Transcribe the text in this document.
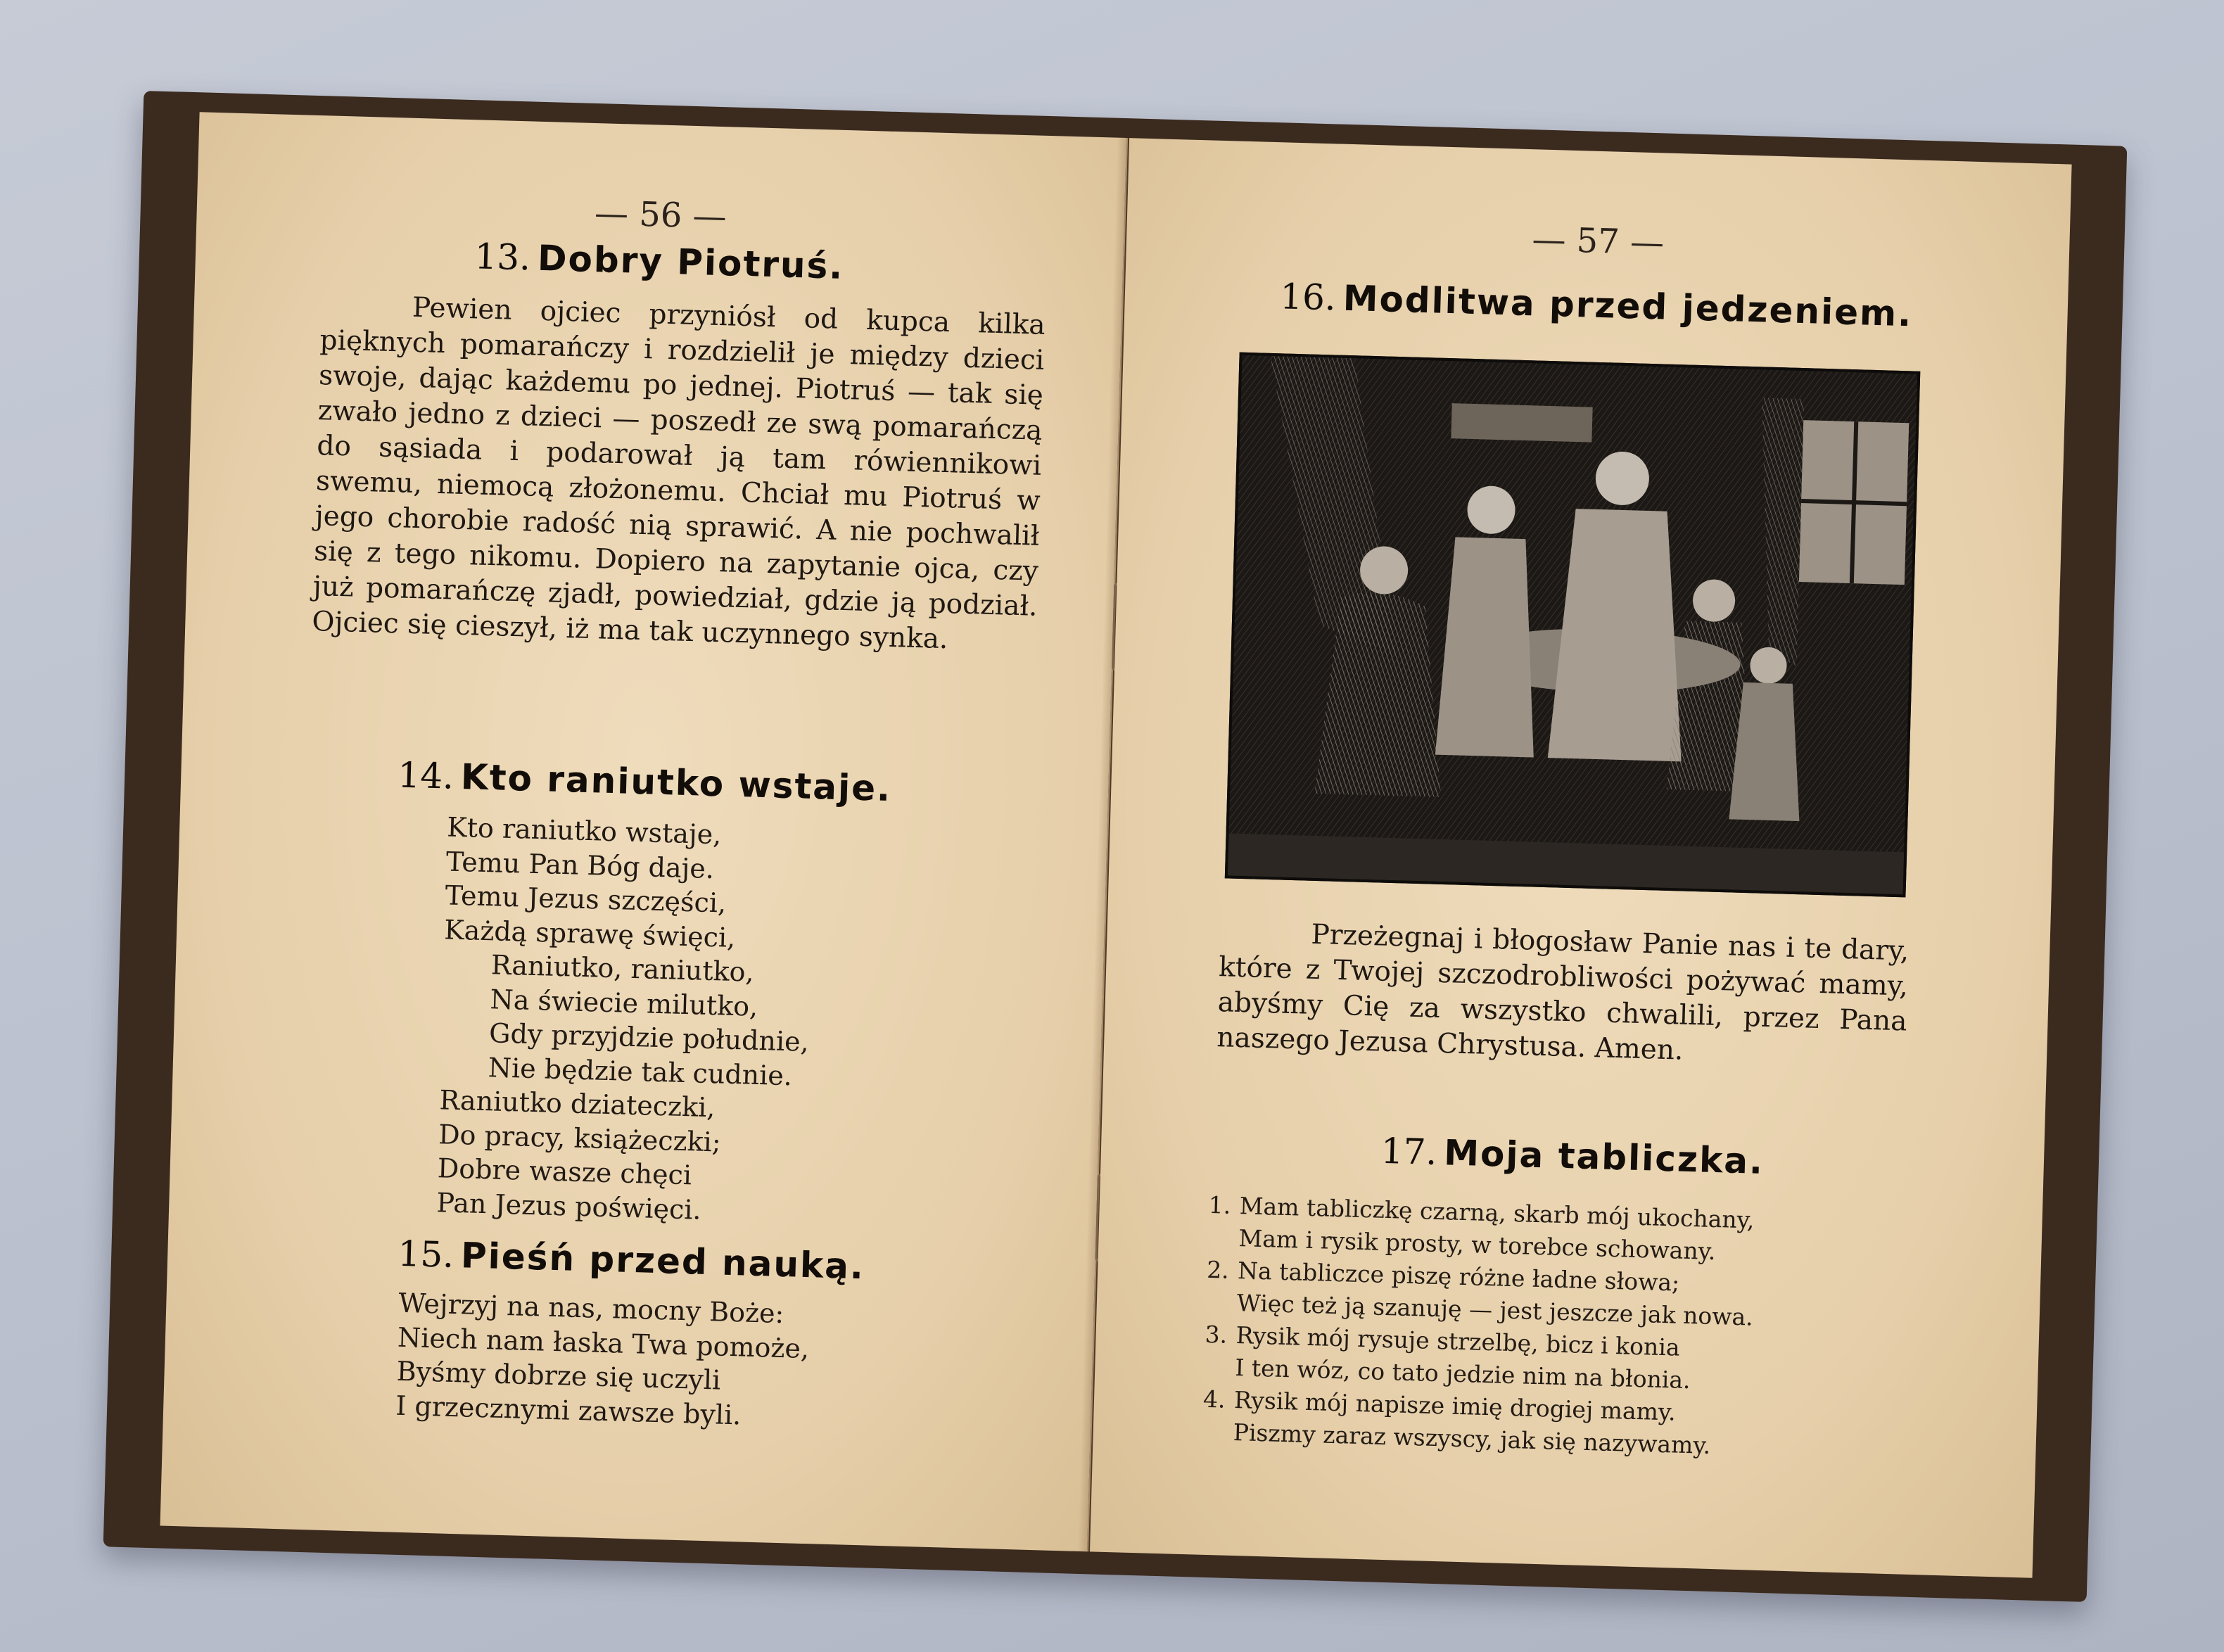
— 56 —
13. Dobry Piotruś.

Pewien ojciec przyniósł od kupca kilka pięknych pomarańczy i rozdzielił je między dzieci swoje, dając każdemu po jednej. Piotruś — tak się zwało jedno z dzieci — poszedł ze swą pomarańczą do sąsiada i podarował ją tam rówiennikowi swemu, niemocą złożonemu. Chciał mu Piotruś w jego chorobie radość nią sprawić. A nie pochwalił się z tego nikomu. Dopiero na zapytanie ojca, czy już pomarańczę zjadł, powiedział, gdzie ją podział. Ojciec się cieszył, iż ma tak uczynnego synka.

14. Kto raniutko wstaje.
Kto raniutko wstaje,
Temu Pan Bóg daje.
Temu Jezus szczęści,
Każdą sprawę święci,
Raniutko, raniutko,
Na świecie milutko,
Gdy przyjdzie południe,
Nie będzie tak cudnie.
Raniutko dziateczki,
Do pracy, książeczki;
Dobre wasze chęci
Pan Jezus poświęci.
15. Pieśń przed nauką.
Wejrzyj na nas, mocny Boże:
Niech nam łaska Twa pomoże,
Byśmy dobrze się uczyli
I grzecznymi zawsze byli.
— 57 —
16. Modlitwa przed jedzeniem.

Przeżegnaj i błogosław Panie nas i te dary, które z Twojej szczodrobliwości pożywać mamy, abyśmy Cię za wszystko chwalili, przez Pana naszego Jezusa Chrystusa. Amen.

17. Moja tabliczka.
1. Mam tabliczkę czarną, skarb mój ukochany,
Mam i rysik prosty, w torebce schowany.
2. Na tabliczce piszę różne ładne słowa;
Więc też ją szanuję — jest jeszcze jak nowa.
3. Rysik mój rysuje strzelbę, bicz i konia
I ten wóz, co tato jedzie nim na błonia.
4. Rysik mój napisze imię drogiej mamy.
Piszmy zaraz wszyscy, jak się nazywamy.
